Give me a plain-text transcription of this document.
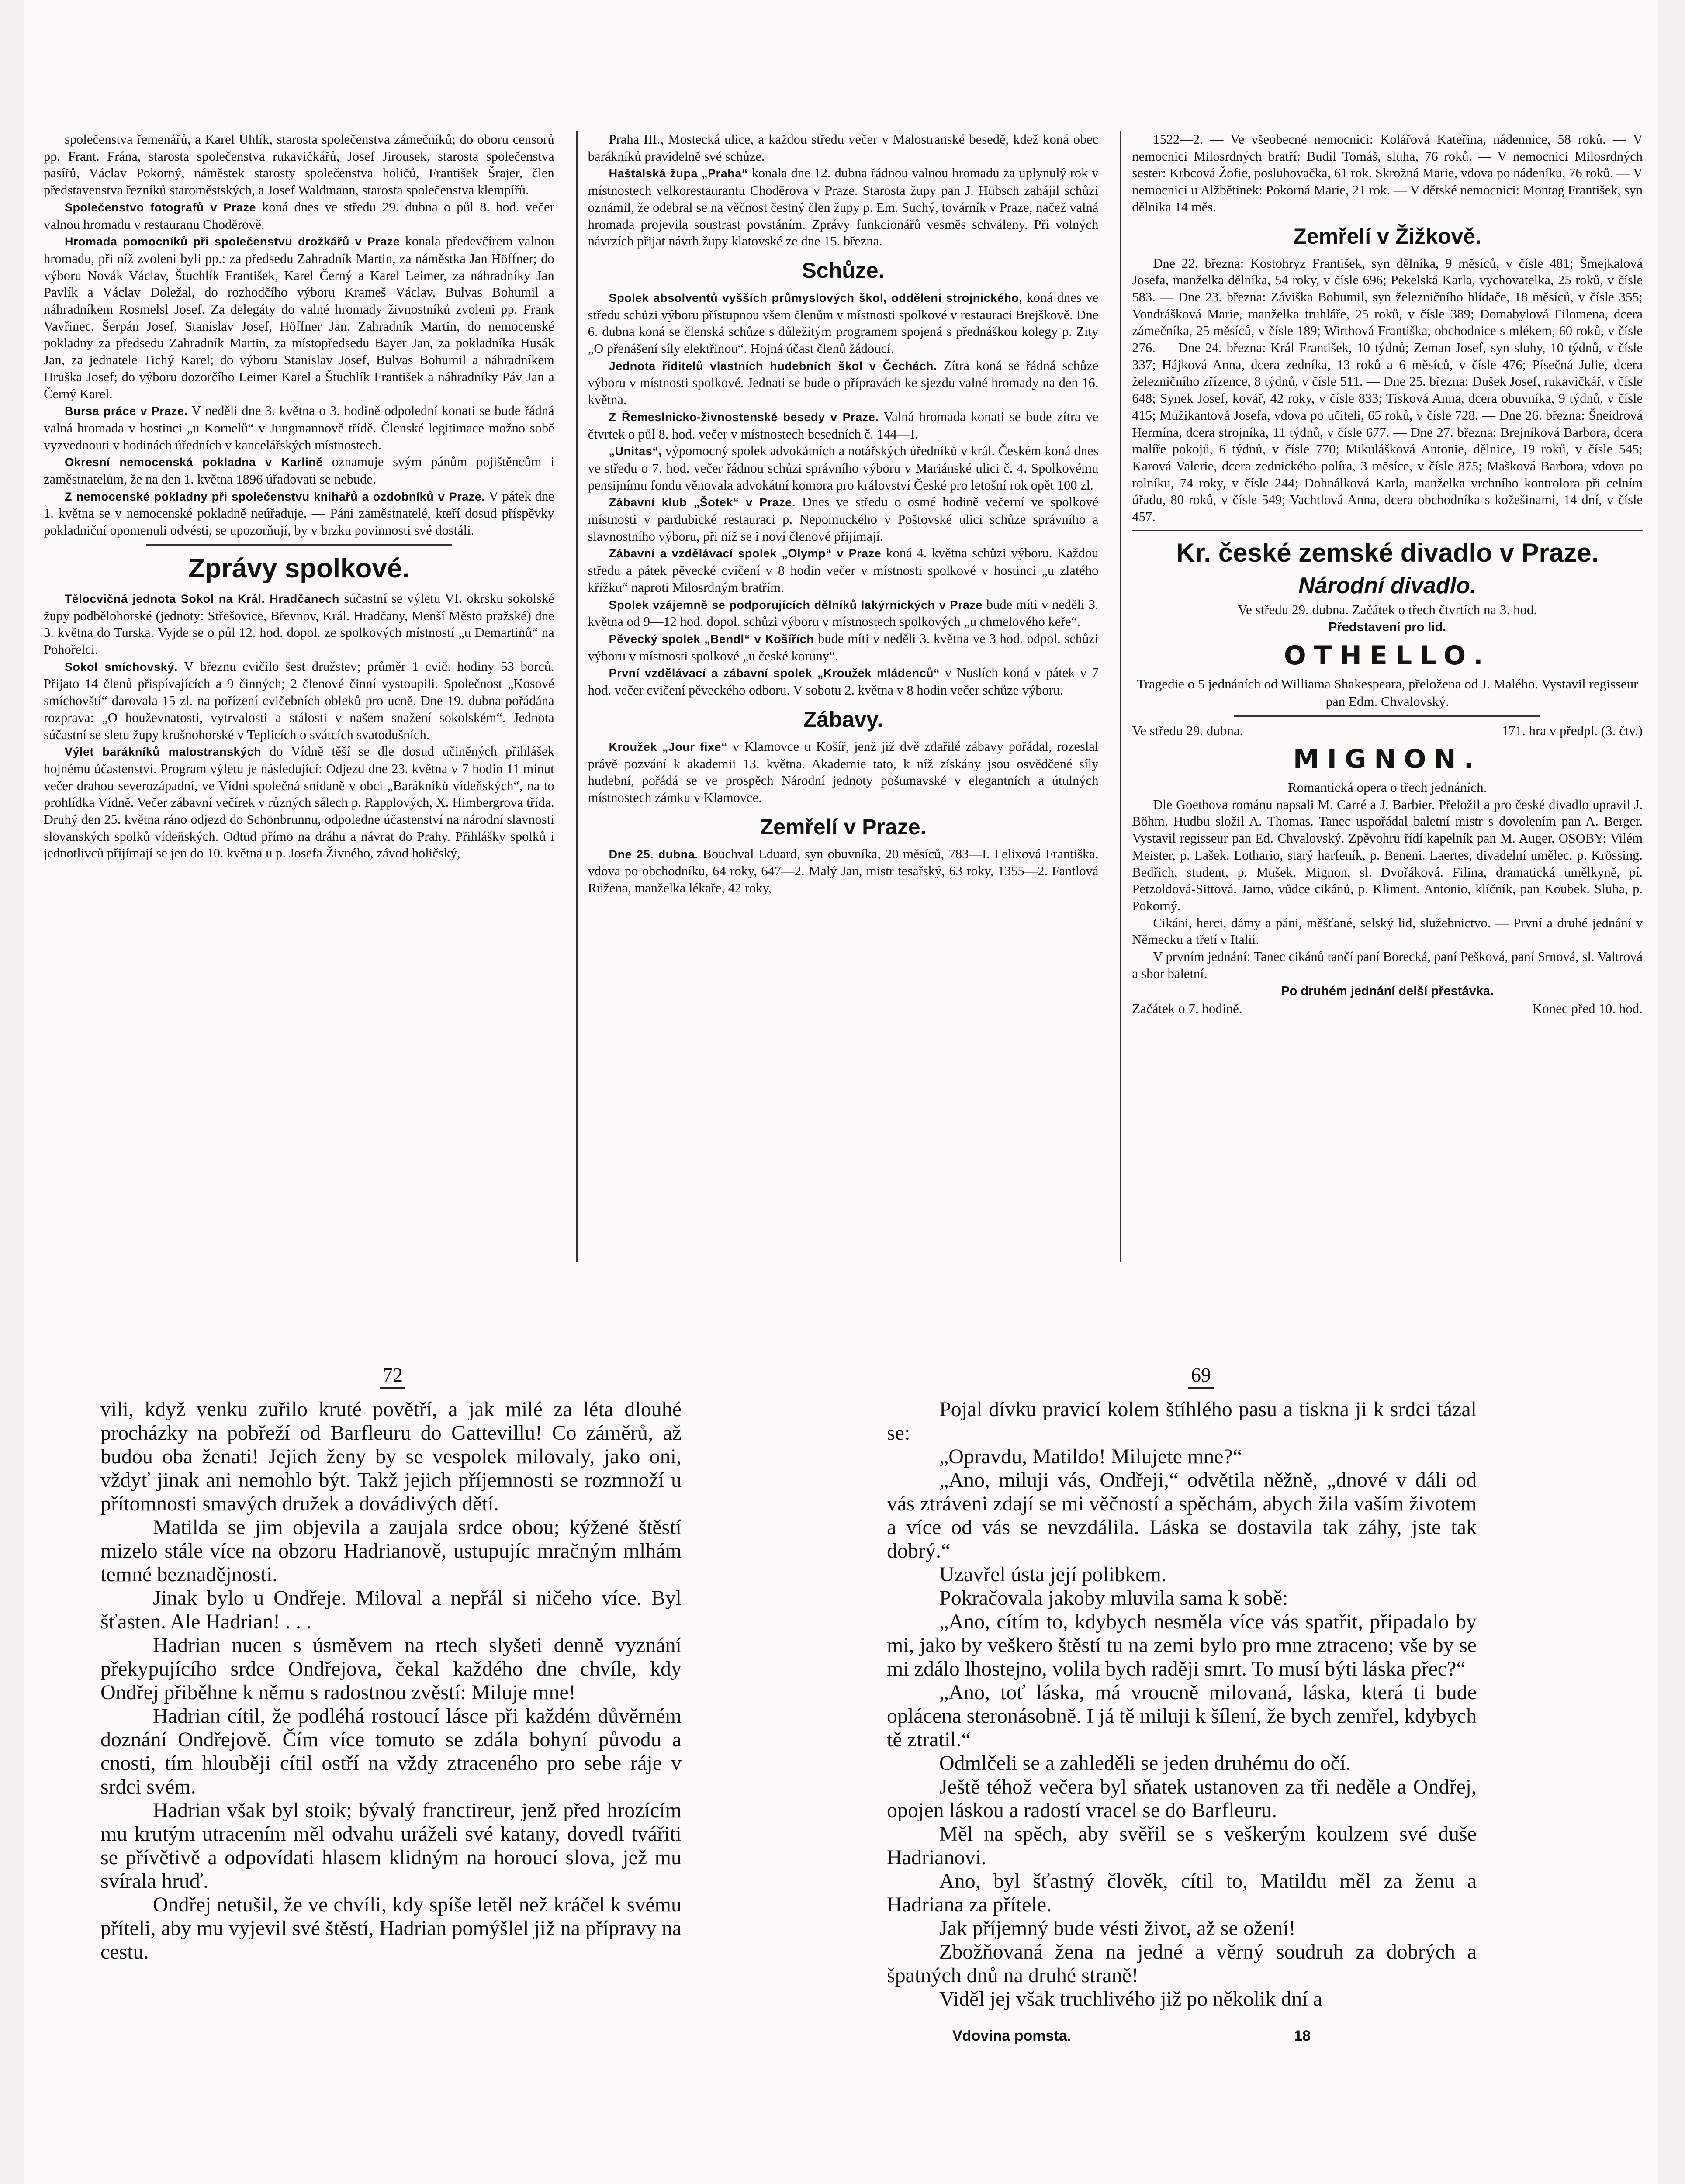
společenstva řemenářů, a Karel Uhlík, starosta společenstva zámečníků; do oboru censorů pp. Frant. Frána, starosta společenstva rukavičkářů, Josef Jirousek, starosta společenstva pasířů, Václav Pokorný, náměstek starosty společenstva holičů, František Šrajer, člen představenstva řezníků staroměstských, a Josef Waldmann, starosta společenstva klempířů.

Společenstvo fotografů v Praze koná dnes ve středu 29. dubna o půl 8. hod. večer valnou hromadu v restauranu Choděrově.

Hromada pomocníků při společenstvu drožkářů v Praze konala předevčírem valnou hromadu, při níž zvoleni byli pp.: za předsedu Zahradník Martin, za náměstka Jan Höffner; do výboru Novák Václav, Štuchlík František, Karel Černý a Karel Leimer, za náhradníky Jan Pavlík a Václav Doležal, do rozhodčího výboru Krameš Václav, Bulvas Bohumil a náhradníkem Rosmelsl Josef. Za delegáty do valné hromady živnostníků zvoleni pp. Frank Vavřinec, Šerpán Josef, Stanislav Josef, Höffner Jan, Zahradník Martin, do nemocenské pokladny za předsedu Zahradník Martin, za místopředsedu Bayer Jan, za pokladníka Husák Jan, za jednatele Tichý Karel; do výboru Stanislav Josef, Bulvas Bohumil a náhradníkem Hruška Josef; do výboru dozorčího Leimer Karel a Štuchlík František a náhradníky Páv Jan a Černý Karel.

Bursa práce v Praze. V neděli dne 3. května o 3. hodině odpolední konati se bude řádná valná hromada v hostinci „u Kornelů“ v Jungmannově třídě. Členské legitimace možno sobě vyzvednouti v hodinách úředních v kancelářských místnostech.

Okresní nemocenská pokladna v Karlině oznamuje svým pánům pojištěncům i zaměstnatelům, že na den 1. května 1896 úřadovati se nebude.

Z nemocenské pokladny při společenstvu knihařů a ozdobníků v Praze. V pátek dne 1. května se v nemocenské pokladně neúřaduje. — Páni zaměstnatelé, kteří dosud příspěvky pokladniční opomenuli odvésti, se upozorňují, by v brzku povinnosti své dostáli.

Zprávy spolkové.

Tělocvičná jednota Sokol na Král. Hradčanech súčastní se výletu VI. okrsku sokolské župy podbělohorské (jednoty: Střešovice, Břevnov, Král. Hradčany, Menší Město pražské) dne 3. května do Turska. Vyjde se o půl 12. hod. dopol. ze spolkových místností „u Demartinů“ na Pohořelci.

Sokol smíchovský. V březnu cvičilo šest družstev; průměr 1 cvič. hodiny 53 borců. Přijato 14 členů přispívajících a 9 činných; 2 členové činní vystoupili. Společnost „Kosové smíchovští“ darovala 15 zl. na pořízení cvičebních obleků pro ucně. Dne 19. dubna pořádána rozprava: „O houževnatosti, vytrvalosti a stálosti v našem snažení sokolském“. Jednota súčastní se sletu župy krušnohorské v Teplicích o svátcích svatodušních.

Výlet barákníků malostranských do Vídně těší se dle dosud učiněných přihlášek hojnému účastenství. Program výletu je následující: Odjezd dne 23. května v 7 hodin 11 minut večer drahou severozápadní, ve Vídni společná snídaně v obci „Barákníků vídeňských“, na to prohlídka Vídně. Večer zábavní večírek v různých sálech p. Rapplových, X. Himbergrova třída. Druhý den 25. května ráno odjezd do Schönbrunnu, odpoledne účastenství na národní slavnosti slovanských spolků vídeňských. Odtud přímo na dráhu a návrat do Prahy. Přihlášky spolků i jednotlivců přijímají se jen do 10. května u p. Josefa Živného, závod holičský,

Praha III., Mostecká ulice, a každou středu večer v Malostranské besedě, kdež koná obec barákníků pravidelně své schůze.

Haštalská župa „Praha“ konala dne 12. dubna řádnou valnou hromadu za uplynulý rok v místnostech velkorestaurantu Choděrova v Praze. Starosta župy pan J. Hübsch zahájil schůzi oznámil, že odebral se na věčnost čestný člen župy p. Em. Suchý, továrník v Praze, načež valná hromada projevila soustrast povstáním. Zprávy funkcionářů vesměs schváleny. Při volných návrzích přijat návrh župy klatovské ze dne 15. března.

Schůze.

Spolek absolventů vyšších průmyslových škol, oddělení strojnického, koná dnes ve středu schůzi výboru přístupnou všem členům v místnosti spolkové v restauraci Brejškově. Dne 6. dubna koná se členská schůze s důležitým programem spojená s přednáškou kolegy p. Zity „O přenášení síly elektřinou“. Hojná účast členů žádoucí.

Jednota řiditelů vlastních hudebních škol v Čechách. Zítra koná se řádná schůze výboru v místnosti spolkové. Jednati se bude o přípravách ke sjezdu valné hromady na den 16. května.

Z Řemeslnicko-živnostenské besedy v Praze. Valná hromada konati se bude zítra ve čtvrtek o půl 8. hod. večer v místnostech besedních č. 144—I.

„Unitas“, výpomocný spolek advokátních a notářských úředníků v král. Českém koná dnes ve středu o 7. hod. večer řádnou schůzi správního výboru v Mariánské ulici č. 4. Spolkovému pensijnímu fondu věnovala advokátní komora pro království České pro letošní rok opět 100 zl.

Zábavní klub „Šotek“ v Praze. Dnes ve středu o osmé hodině večerní ve spolkové místnosti v pardubické restauraci p. Nepomuckého v Poštovské ulici schůze správního a slavnostního výboru, při níž se i noví členové přijímají.

Zábavní a vzdělávací spolek „Olymp“ v Praze koná 4. května schůzi výboru. Každou středu a pátek pěvecké cvičení v 8 hodin večer v místnosti spolkové v hostinci „u zlatého křížku“ naproti Milosrdným bratřím.

Spolek vzájemně se podporujících dělníků lakýrnických v Praze bude míti v neděli 3. května od 9—12 hod. dopol. schůzi výboru v místnostech spolkových „u chmelového keře“.

Pěvecký spolek „Bendl“ v Košířích bude míti v neděli 3. května ve 3 hod. odpol. schůzi výboru v místnosti spolkové „u české koruny“.

První vzdělávací a zábavní spolek „Kroužek mládenců“ v Nuslích koná v pátek v 7 hod. večer cvičení pěveckého odboru. V sobotu 2. května v 8 hodin večer schůze výboru.

Zábavy.

Kroužek „Jour fixe“ v Klamovce u Košíř, jenž již dvě zdařilé zábavy pořádal, rozeslal právě pozvání k akademii 13. května. Akademie tato, k níž získány jsou osvědčené síly hudební, pořádá se ve prospěch Národní jednoty pošumavské v elegantních a útulných místnostech zámku v Klamovce.

Zemřelí v Praze.

Dne 25. dubna. Bouchval Eduard, syn obuvníka, 20 měsíců, 783—I. Felixová Františka, vdova po obchodníku, 64 roky, 647—2. Malý Jan, mistr tesařský, 63 roky, 1355—2. Fantlová Růžena, manželka lékaře, 42 roky,

1522—2. — Ve všeobecné nemocnici: Kolářová Kateřina, nádennice, 58 roků. — V nemocnici Milosrdných bratří: Budil Tomáš, sluha, 76 roků. — V nemocnici Milosrdných sester: Krbcová Žofie, posluhovačka, 61 rok. Skrožná Marie, vdova po nádeníku, 76 roků. — V nemocnici u Alžbětinek: Pokorná Marie, 21 rok. — V dětské nemocnici: Montag František, syn dělnika 14 měs.

Zemřelí v Žižkově.

Dne 22. března: Kostohryz František, syn dělníka, 9 měsíců, v čísle 481; Šmejkalová Josefa, manželka dělníka, 54 roky, v čísle 696; Pekelská Karla, vychovatelka, 25 roků, v čísle 583. — Dne 23. března: Záviška Bohumil, syn železničního hlídače, 18 měsíců, v čísle 355; Vondrášková Marie, manželka truhláře, 25 roků, v čísle 389; Domabylová Filomena, dcera zámečníka, 25 měsíců, v čísle 189; Wirthová Františka, obchodnice s mlékem, 60 roků, v čísle 276. — Dne 24. března: Král František, 10 týdnů; Zeman Josef, syn sluhy, 10 týdnů, v čísle 337; Hájková Anna, dcera zedníka, 13 roků a 6 měsíců, v čísle 476; Písečná Julie, dcera železničního zřízence, 8 týdnů, v čísle 511. — Dne 25. března: Dušek Josef, rukavičkář, v čísle 648; Synek Josef, kovář, 42 roky, v čísle 833; Tisková Anna, dcera obuvníka, 9 týdnů, v čísle 415; Mužikantová Josefa, vdova po učiteli, 65 roků, v čísle 728. — Dne 26. března: Šneidrová Hermína, dcera strojníka, 11 týdnů, v čísle 677. — Dne 27. března: Brejníková Barbora, dcera malíře pokojů, 6 týdnů, v čísle 770; Mikulášková Antonie, dělnice, 19 roků, v čísle 545; Karová Valerie, dcera zednického políra, 3 měsíce, v čísle 875; Mašková Barbora, vdova po rolníku, 74 roky, v čísle 244; Dohnálková Karla, manželka vrchního kontrolora při celním úřadu, 80 roků, v čísle 549; Vachtlová Anna, dcera obchodníka s kožešinami, 14 dní, v čísle 457.

Kr. české zemské divadlo v Praze.
Národní divadlo.

Ve středu 29. dubna. Začátek o třech čtvrtích na 3. hod.

Představení pro lid.
OTHELLO.

Tragedie o 5 jednáních od Williama Shakespeara, přeložena od J. Malého. Vystavil regisseur pan Edm. Chvalovský.

Ve středu 29. dubna.	171. hra v předpl. (3. čtv.)
MIGNON.

Romantická opera o třech jednáních.

Dle Goethova románu napsali M. Carré a J. Barbier. Přeložil a pro české divadlo upravil J. Böhm. Hudbu složil A. Thomas. Tanec uspořádal baletní mistr s dovolením pan A. Berger. Vystavil regisseur pan Ed. Chvalovský. Zpěvohru řídí kapelník pan M. Auger. OSOBY: Vilém Meister, p. Lašek. Lothario, starý harfeník, p. Beneni. Laertes, divadelní umělec, p. Krössing. Bedřich, student, p. Mušek. Mignon, sl. Dvořáková. Filina, dramatická umělkyně, pí. Petzoldová-Sittová. Jarno, vůdce cikánů, p. Kliment. Antonio, klíčník, pan Koubek. Sluha, p. Pokorný.

Cikáni, herci, dámy a páni, měšťané, selský lid, služebnictvo. — První a druhé jednání v Německu a třetí v Italii.

V prvním jednání: Tanec cikánů tančí paní Borecká, paní Pešková, paní Srnová, sl. Valtrová a sbor baletní.

Po druhém jednání delší přestávka.
Začátek o 7. hodině.	Konec před 10. hod.
72	69

vili, když venku zuřilo kruté povětří, a jak milé za léta dlouhé procházky na pobřeží od Barfleuru do Gattevillu! Co záměrů, až budou oba ženati! Jejich ženy by se vespolek milovaly, jako oni, vždyť jinak ani nemohlo být. Takž jejich příjemnosti se rozmnoží u přítomnosti smavých družek a dovádivých dětí.

Matilda se jim objevila a zaujala srdce obou; kýžené štěstí mizelo stále více na obzoru Hadrianově, ustupujíc mračným mlhám temné beznadějnosti.

Jinak bylo u Ondřeje. Miloval a nepřál si ničeho více. Byl šťasten. Ale Hadrian! . . .

Hadrian nucen s úsměvem na rtech slyšeti denně vyznání překypujícího srdce Ondřejova, čekal každého dne chvíle, kdy Ondřej přiběhne k němu s radostnou zvěstí: Miluje mne!

Hadrian cítil, že podléhá rostoucí lásce při každém důvěrném doznání Ondřejově. Čím více tomuto se zdála bohyní původu a cnosti, tím hlouběji cítil ostří na vždy ztraceného pro sebe ráje v srdci svém.

Hadrian však byl stoik; bývalý franctireur, jenž před hrozícím mu krutým utracením měl odvahu uráželi své katany, dovedl tvářiti se přívětivě a odpovídati hlasem klidným na horoucí slova, jež mu svírala hruď.

Ondřej netušil, že ve chvíli, kdy spíše letěl než kráčel k svému příteli, aby mu vyjevil své štěstí, Hadrian pomýšlel již na přípravy na cestu.

Pojal dívku pravicí kolem štíhlého pasu a tiskna ji k srdci tázal se:

„Opravdu, Matildo! Milujete mne?“

„Ano, miluji vás, Ondřeji,“ odvětila něžně, „dnové v dáli od vás ztráveni zdají se mi věčností a spěchám, abych žila vaším životem a více od vás se nevzdálila. Láska se dostavila tak záhy, jste tak dobrý.“

Uzavřel ústa její polibkem.

Pokračovala jakoby mluvila sama k sobě:

„Ano, cítím to, kdybych nesměla více vás spatřit, připadalo by mi, jako by veškero štěstí tu na zemi bylo pro mne ztraceno; vše by se mi zdálo lhostejno, volila bych raději smrt. To musí býti láska přec?“

„Ano, toť láska, má vroucně milovaná, láska, která ti bude oplácena steronásobně. I já tě miluji k šílení, že bych zemřel, kdybych tě ztratil.“

Odmlčeli se a zahleděli se jeden druhému do očí.

Ještě téhož večera byl sňatek ustanoven za tři neděle a Ondřej, opojen láskou a radostí vracel se do Barfleuru.

Měl na spěch, aby svěřil se s veškerým koulzem své duše Hadrianovi.

Ano, byl šťastný člověk, cítil to, Matildu měl za ženu a Hadriana za přítele.

Jak příjemný bude vésti život, až se ožení!

Zbožňovaná žena na jedné a věrný soudruh za dobrých a špatných dnů na druhé straně!

Viděl jej však truchlivého již po několik dní a

Vdovina pomsta.	18
